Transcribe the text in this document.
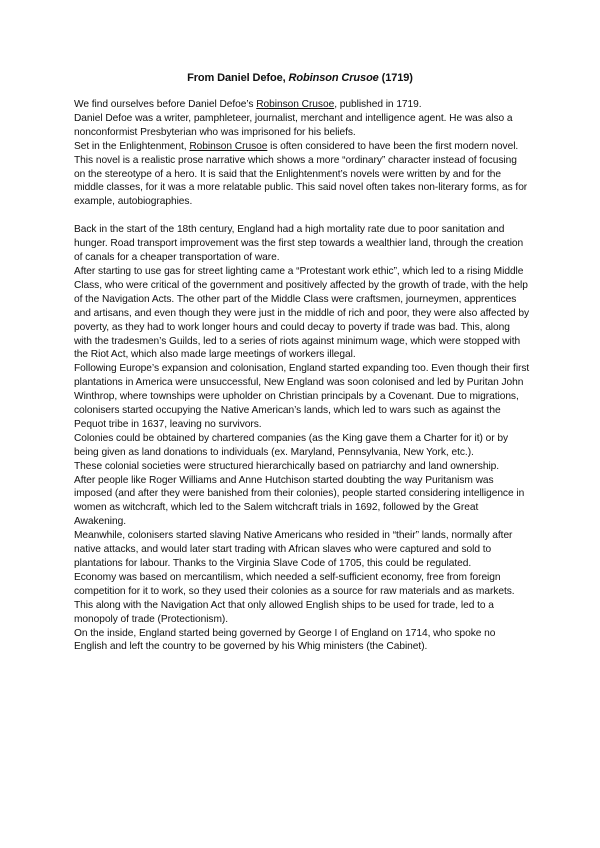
From Daniel Defoe, Robinson Crusoe (1719)

We find ourselves before Daniel Defoe’s Robinson Crusoe, published in 1719.

Daniel Defoe was a writer, pamphleteer, journalist, merchant and intelligence agent. He was also a nonconformist Presbyterian who was imprisoned for his beliefs.

Set in the Enlightenment, Robinson Crusoe is often considered to have been the first modern novel. This novel is a realistic prose narrative which shows a more “ordinary” character instead of focusing on the stereotype of a hero. It is said that the Enlightenment’s novels were written by and for the middle classes, for it was a more relatable public. This said novel often takes non-literary forms, as for example, autobiographies.

Back in the start of the 18th century, England had a high mortality rate due to poor sanitation and hunger. Road transport improvement was the first step towards a wealthier land, through the creation of canals for a cheaper transportation of ware.

After starting to use gas for street lighting came a “Protestant work ethic”, which led to a rising Middle Class, who were critical of the government and positively affected by the growth of trade, with the help of the Navigation Acts. The other part of the Middle Class were craftsmen, journeymen, apprentices and artisans, and even though they were just in the middle of rich and poor, they were also affected by poverty, as they had to work longer hours and could decay to poverty if trade was bad. This, along with the tradesmen’s Guilds, led to a series of riots against minimum wage, which were stopped with the Riot Act, which also made large meetings of workers illegal.

Following Europe’s expansion and colonisation, England started expanding too. Even though their first plantations in America were unsuccessful, New England was soon colonised and led by Puritan John Winthrop, where townships were upholder on Christian principals by a Covenant. Due to migrations, colonisers started occupying the Native American’s lands, which led to wars such as against the Pequot tribe in 1637, leaving no survivors.

Colonies could be obtained by chartered companies (as the King gave them a Charter for it) or by being given as land donations to individuals (ex. Maryland, Pennsylvania, New York, etc.).

These colonial societies were structured hierarchically based on patriarchy and land ownership.

After people like Roger Williams and Anne Hutchison started doubting the way Puritanism was imposed (and after they were banished from their colonies), people started considering intelligence in women as witchcraft, which led to the Salem witchcraft trials in 1692, followed by the Great Awakening.

Meanwhile, colonisers started slaving Native Americans who resided in “their” lands, normally after native attacks, and would later start trading with African slaves who were captured and sold to plantations for labour. Thanks to the Virginia Slave Code of 1705, this could be regulated.

Economy was based on mercantilism, which needed a self-sufficient economy, free from foreign competition for it to work, so they used their colonies as a source for raw materials and as markets. This along with the Navigation Act that only allowed English ships to be used for trade, led to a monopoly of trade (Protectionism).

On the inside, England started being governed by George I of England on 1714, who spoke no English and left the country to be governed by his Whig ministers (the Cabinet).
